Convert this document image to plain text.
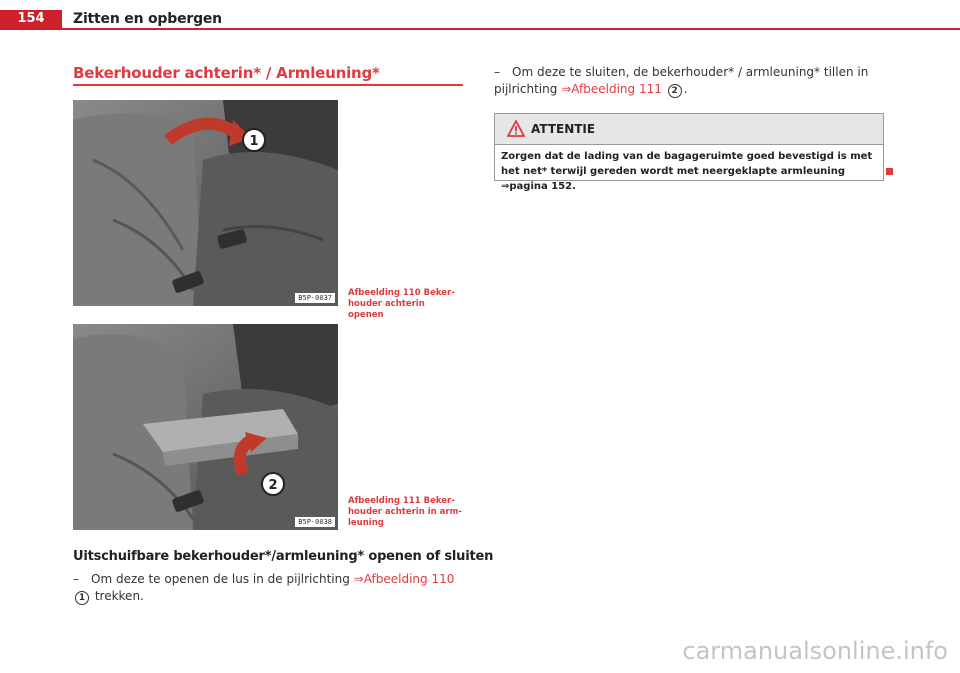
154	Zitten en opbergen
Bekerhouder achterin* / Armleuning*
1
B5P-0037	Afbeelding 110 Beker-houder achterin openen
2
B5P-0038
Afbeelding 111 Beker-houder achterin in arm-leuning
Uitschuifbare bekerhouder*/armleuning* openen of sluiten
– Om deze te openen de lus in de pijlrichting ⇒Afbeelding 110 1 trekken.
– Om deze te sluiten, de bekerhouder* / armleuning* tillen in pijlrichting ⇒Afbeelding 111 2 .
ATTENTIE
Zorgen dat de lading van de bagageruimte goed bevestigd is met het net* terwijl gereden wordt met neergeklapte armleuning ⇒pagina 152.
carmanualsonline.info
